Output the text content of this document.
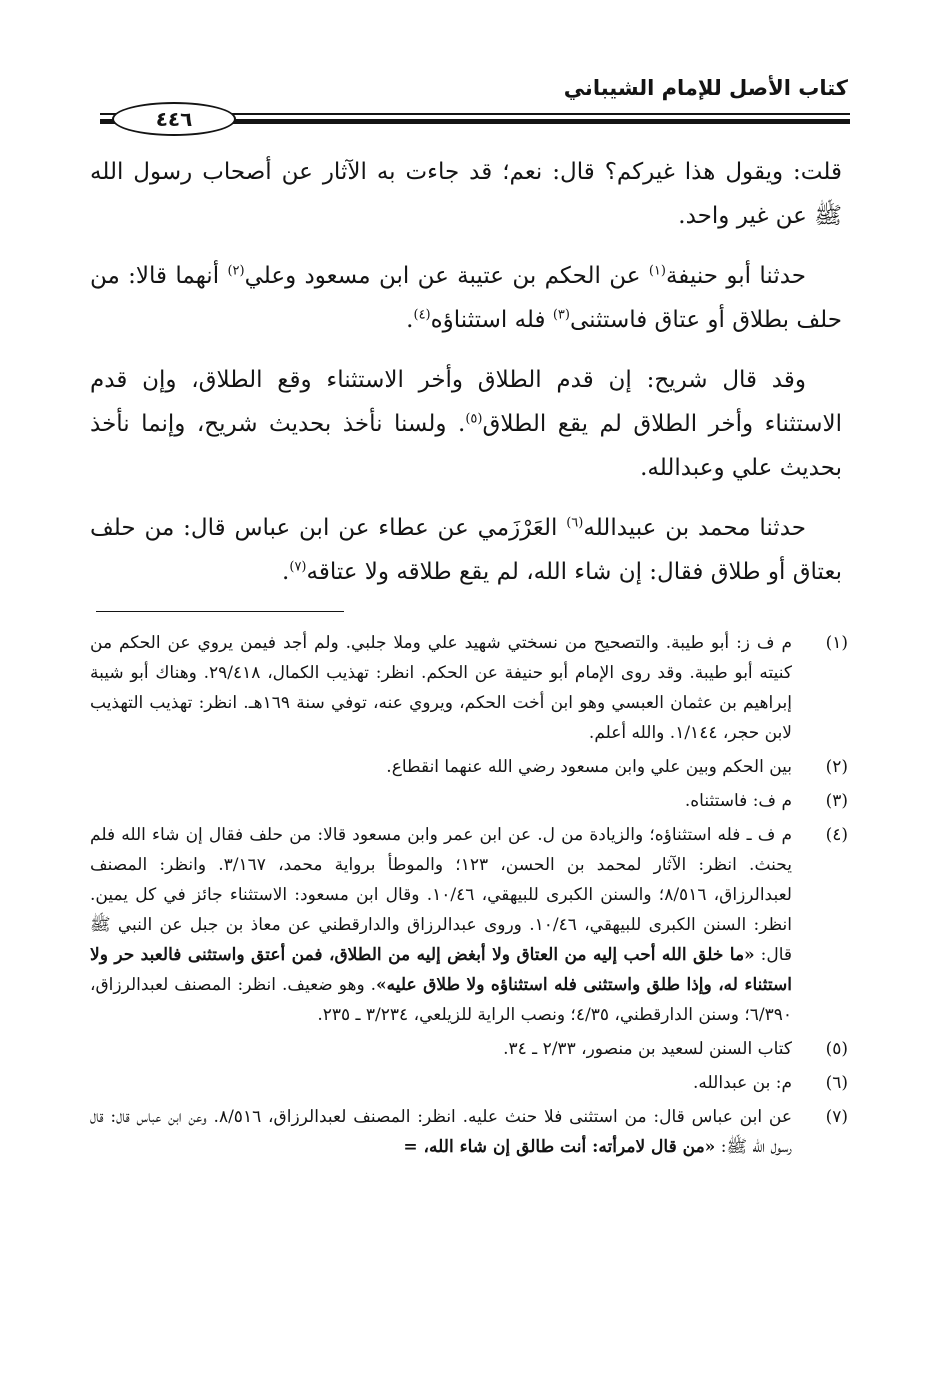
كتاب الأصل للإمام الشيباني
٤٤٦

قلت: ويقول هذا غيركم؟ قال: نعم؛ قد جاءت به الآثار عن أصحاب رسول الله ﷺ عن غير واحد.

حدثنا أبو حنيفة$^{(١)}$ عن الحكم بن عتيبة عن ابن مسعود وعلي$^{(٢)}$ أنهما قالا: من حلف بطلاق أو عتاق فاستثنى$^{(٣)}$ فله استثناؤه$^{(٤)}$.

وقد قال شريح: إن قدم الطلاق وأخر الاستثناء وقع الطلاق، وإن قدم الاستثناء وأخر الطلاق لم يقع الطلاق$^{(٥)}$. ولسنا نأخذ بحديث شريح، وإنما نأخذ بحديث علي وعبدالله.

حدثنا محمد بن عبيدالله$^{(٦)}$ العَرْزَمي عن عطاء عن ابن عباس قال: من حلف بعتاق أو طلاق فقال: إن شاء الله، لم يقع طلاقه ولا عتاقه$^{(٧)}$.

(١)
م ف ز: أبو طيبة. والتصحيح من نسختي شهيد علي وملا جلبي. ولم أجد فيمن يروي عن الحكم من كنيته أبو طيبة. وقد روى الإمام أبو حنيفة عن الحكم. انظر: تهذيب الكمال، ٢٩/٤١٨. وهناك أبو شيبة إبراهيم بن عثمان العبسي وهو ابن أخت الحكم، ويروي عنه، توفي سنة ١٦٩هـ. انظر: تهذيب التهذيب لابن حجر، ١/١٤٤. والله أعلم.
(٢)
بين الحكم وبين علي وابن مسعود رضي الله عنهما انقطاع.
(٣)
م ف: فاستثناه.
(٤)
م ف ـ فله استثناؤه؛ والزيادة من ل. عن ابن عمر وابن مسعود قالا: من حلف فقال إن شاء الله فلم يحنث. انظر: الآثار لمحمد بن الحسن، ١٢٣؛ والموطأ برواية محمد، ٣/١٦٧. وانظر: المصنف لعبدالرزاق، ٨/٥١٦؛ والسنن الكبرى للبيهقي، ١٠/٤٦. وقال ابن مسعود: الاستثناء جائز في كل يمين. انظر: السنن الكبرى للبيهقي، ١٠/٤٦. وروى عبدالرزاق والدارقطني عن معاذ بن جبل عن النبي ﷺ قال: «ما خلق الله أحب إليه من العتاق ولا أبغض إليه من الطلاق، فمن أعتق واستثنى فالعبد حر ولا استثناء له، وإذا طلق واستثنى فله استثناؤه ولا طلاق عليه». وهو ضعيف. انظر: المصنف لعبدالرزاق، ٦/٣٩٠؛ وسنن الدارقطني، ٤/٣٥؛ ونصب الراية للزيلعي، ٣/٢٣٤ ـ ٢٣٥.
(٥)
كتاب السنن لسعيد بن منصور، ٢/٣٣ ـ ٣٤.
(٦)
م: بن عبدالله.
(٧)
عن ابن عباس قال: من استثنى فلا حنث عليه. انظر: المصنف لعبدالرزاق، ٨/٥١٦. وعن ابن عباس قال: قال رسول الله ﷺ: «من قال لامرأته: أنت طالق إن شاء الله، =
